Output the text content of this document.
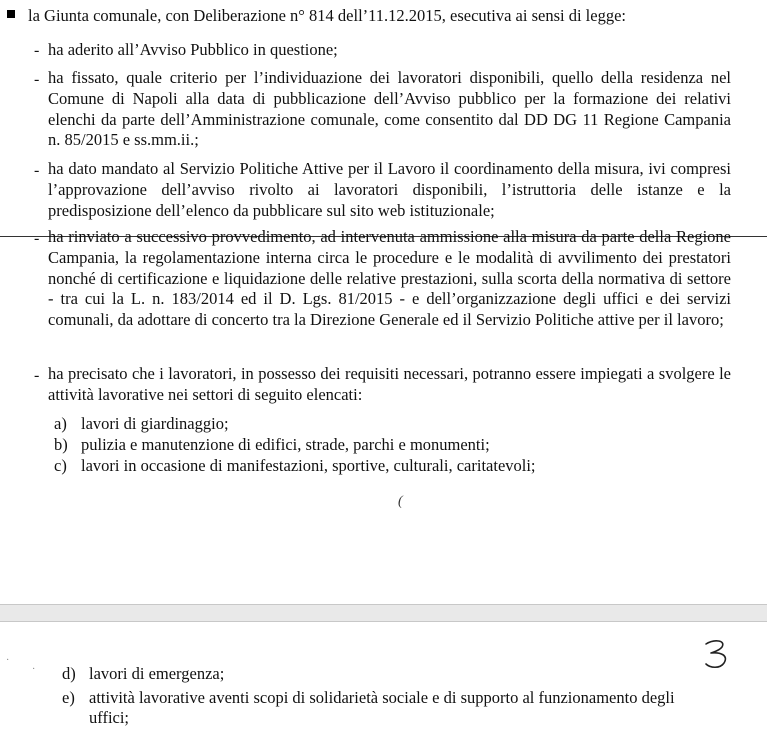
la Giunta comunale, con Deliberazione n° 814 dell’11.12.2015, esecutiva ai sensi di legge:
- ha aderito all’Avviso Pubblico in questione;
- ha fissato, quale criterio per l’individuazione dei lavoratori disponibili, quello della residenza nel Comune di Napoli alla data di pubblicazione dell’Avviso pubblico per la formazione dei relativi elenchi da parte dell’Amministrazione comunale, come consentito dal DD DG 11 Regione Campania n. 85/2015 e ss.mm.ii.;
- ha dato mandato al Servizio Politiche Attive per il Lavoro il coordinamento della misura, ivi compresi l’approvazione dell’avviso rivolto ai lavoratori disponibili, l’istruttoria delle istanze e la predisposizione dell’elenco da pubblicare sul sito web istituzionale;
- ha rinviato a successivo provvedimento, ad intervenuta ammissione alla misura da parte della Regione Campania, la regolamentazione interna circa le procedure e le modalità di avvilimento dei prestatori nonché di certificazione e liquidazione delle relative prestazioni, sulla scorta della normativa di settore - tra cui la L. n. 183/2014 ed il D. Lgs. 81/2015 - e dell’organizzazione degli uffici e dei servizi comunali, da adottare di concerto tra la Direzione Generale ed il Servizio Politiche attive per il lavoro;
- ha precisato che i lavoratori, in possesso dei requisiti necessari, potranno essere impiegati a svolgere le attività lavorative nei settori di seguito elencati:
a) lavori di giardinaggio;
b) pulizia e manutenzione di edifici, strade, parchi e monumenti;
c) lavori in occasione di manifestazioni, sportive, culturali, caritatevoli;
(
·
·
3
d) lavori di emergenza;
e) attività lavorative aventi scopi di solidarietà sociale e di supporto al funzionamento degli
uffici;
